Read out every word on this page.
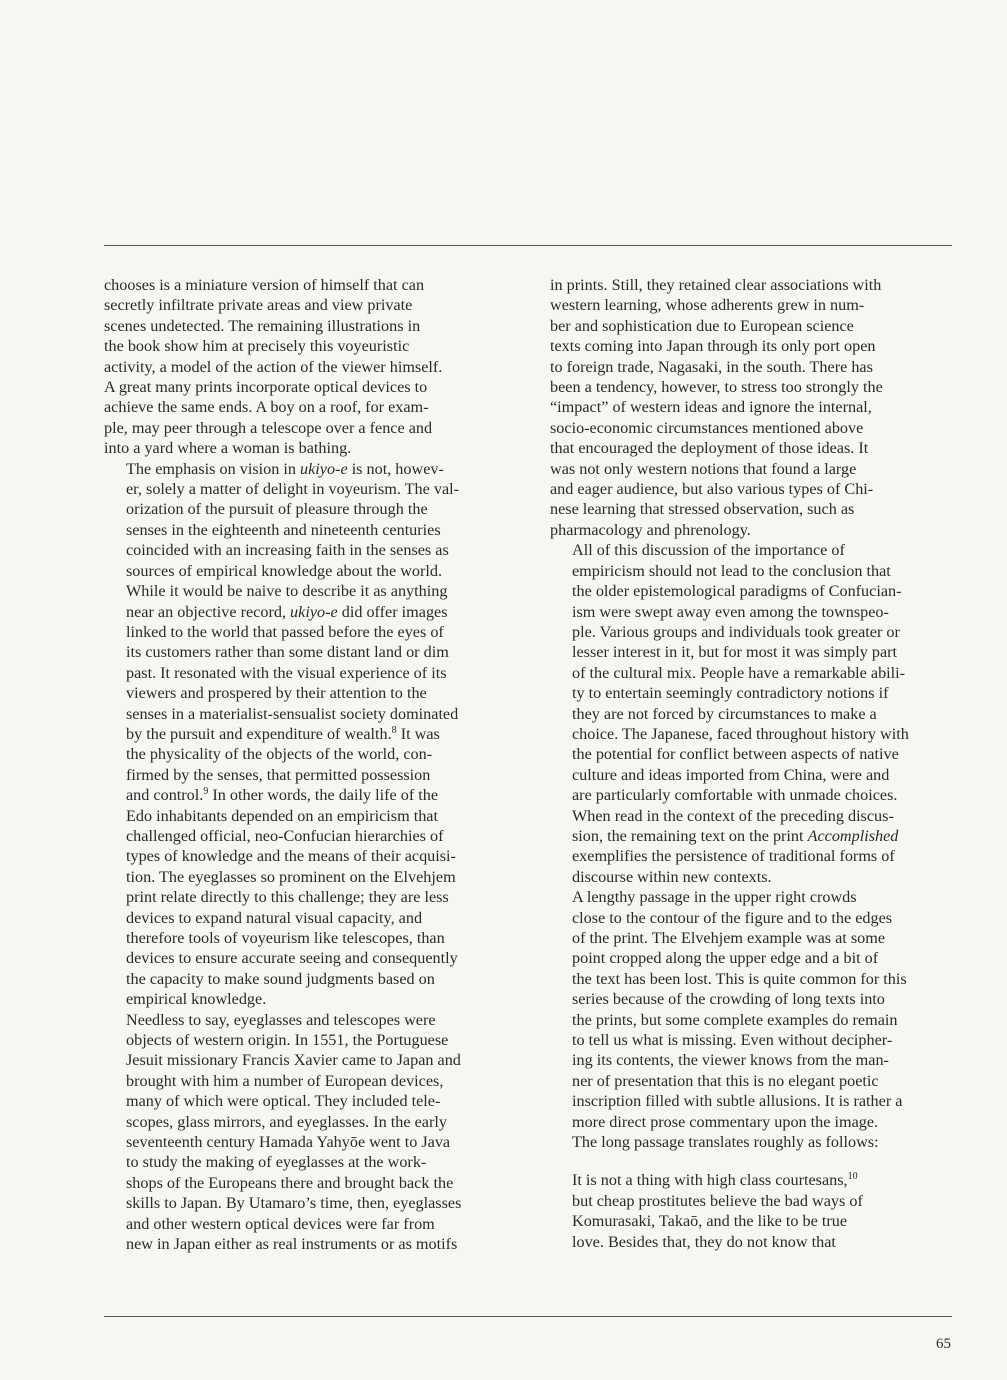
chooses is a miniature version of himself that can
secretly infiltrate private areas and view private
scenes undetected. The remaining illustrations in
the book show him at precisely this voyeuristic
activity, a model of the action of the viewer himself.
A great many prints incorporate optical devices to
achieve the same ends. A boy on a roof, for exam-
ple, may peer through a telescope over a fence and
into a yard where a woman is bathing.

The emphasis on vision in ukiyo-e is not, howev-
er, solely a matter of delight in voyeurism. The val-
orization of the pursuit of pleasure through the
senses in the eighteenth and nineteenth centuries
coincided with an increasing faith in the senses as
sources of empirical knowledge about the world.
While it would be naive to describe it as anything
near an objective record, ukiyo-e did offer images
linked to the world that passed before the eyes of
its customers rather than some distant land or dim
past. It resonated with the visual experience of its
viewers and prospered by their attention to the
senses in a materialist-sensualist society dominated
by the pursuit and expenditure of wealth.$^8$ It was
the physicality of the objects of the world, con-
firmed by the senses, that permitted possession
and control.$^9$ In other words, the daily life of the
Edo inhabitants depended on an empiricism that
challenged official, neo-Confucian hierarchies of
types of knowledge and the means of their acquisi-
tion. The eyeglasses so prominent on the Elvehjem
print relate directly to this challenge; they are less
devices to expand natural visual capacity, and
therefore tools of voyeurism like telescopes, than
devices to ensure accurate seeing and consequently
the capacity to make sound judgments based on
empirical knowledge.

Needless to say, eyeglasses and telescopes were
objects of western origin. In 1551, the Portuguese
Jesuit missionary Francis Xavier came to Japan and
brought with him a number of European devices,
many of which were optical. They included tele-
scopes, glass mirrors, and eyeglasses. In the early
seventeenth century Hamada Yahyōe went to Java
to study the making of eyeglasses at the work-
shops of the Europeans there and brought back the
skills to Japan. By Utamaro’s time, then, eyeglasses
and other western optical devices were far from
new in Japan either as real instruments or as motifs

in prints. Still, they retained clear associations with
western learning, whose adherents grew in num-
ber and sophistication due to European science
texts coming into Japan through its only port open
to foreign trade, Nagasaki, in the south. There has
been a tendency, however, to stress too strongly the
“impact” of western ideas and ignore the internal,
socio-economic circumstances mentioned above
that encouraged the deployment of those ideas. It
was not only western notions that found a large
and eager audience, but also various types of Chi-
nese learning that stressed observation, such as
pharmacology and phrenology.

All of this discussion of the importance of
empiricism should not lead to the conclusion that
the older epistemological paradigms of Confucian-
ism were swept away even among the townspeo-
ple. Various groups and individuals took greater or
lesser interest in it, but for most it was simply part
of the cultural mix. People have a remarkable abili-
ty to entertain seemingly contradictory notions if
they are not forced by circumstances to make a
choice. The Japanese, faced throughout history with
the potential for conflict between aspects of native
culture and ideas imported from China, were and
are particularly comfortable with unmade choices.
When read in the context of the preceding discus-
sion, the remaining text on the print Accomplished
exemplifies the persistence of traditional forms of
discourse within new contexts.

A lengthy passage in the upper right crowds
close to the contour of the figure and to the edges
of the print. The Elvehjem example was at some
point cropped along the upper edge and a bit of
the text has been lost. This is quite common for this
series because of the crowding of long texts into
the prints, but some complete examples do remain
to tell us what is missing. Even without decipher-
ing its contents, the viewer knows from the man-
ner of presentation that this is no elegant poetic
inscription filled with subtle allusions. It is rather a
more direct prose commentary upon the image.
The long passage translates roughly as follows:

It is not a thing with high class courtesans,$^{10}$
but cheap prostitutes believe the bad ways of
Komurasaki, Takaō, and the like to be true
love. Besides that, they do not know that

65
